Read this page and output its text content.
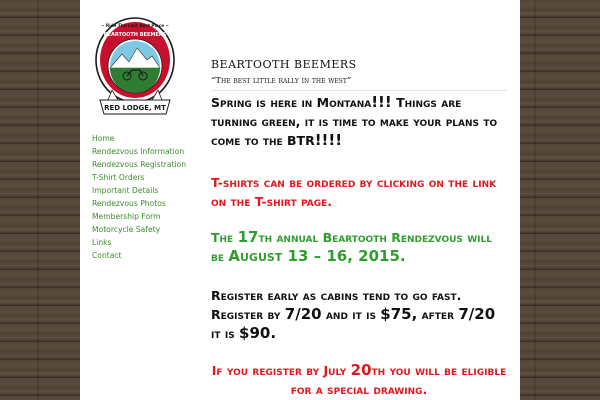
~ Ride The Last Best Place ~
BEARTOOTH BEEMERS
RED LODGE, MT
Home
Rendezvous Information
Rendezvous Registration
T-Shirt Orders
Important Details
Rendezvous Photos
Membership Form
Motorcycle Safety
Links
Contact
BEARTOOTH BEEMERS
“The best little rally in the west”

Spring is here in Montana!!! Things are turning green, it is time to make your plans to come to the BTR!!!!

T-shirts can be ordered by clicking on the link on the T-shirt page.

The 17th annual Beartooth Rendezvous will be August 13 – 16, 2015.

Register early as cabins tend to go fast. Register by 7/20 and it is $75, after 7/20 it is $90.

If you register by July 20th you will be eligible for a special drawing.
